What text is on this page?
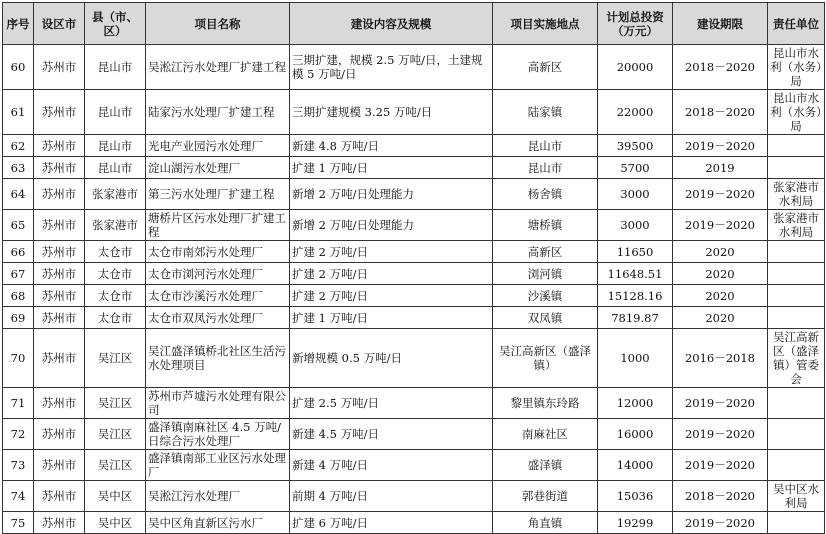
序号	设区市	县（市、区）	项目名称	建设内容及规模	项目实施地点	计划总投资（万元）	建设期限	责任单位
60	苏州市	昆山市	吴淞江污水处理厂扩建工程	三期扩建，规模 2.5 万吨/日，土建规模 5 万吨/日	高新区	20000	2018－2020	昆山市水利（水务）局
61	苏州市	昆山市	陆家污水处理厂扩建工程	三期扩建规模 3.25 万吨/日	陆家镇	22000	2018－2020	昆山市水利（水务）局
62	苏州市	昆山市	光电产业园污水处理厂	新建 4.8 万吨/日	昆山市	39500	2019－2020	
63	苏州市	昆山市	淀山湖污水处理厂	扩建 1 万吨/日	昆山市	5700	2019	
64	苏州市	张家港市	第三污水处理厂扩建工程	新增 2 万吨/日处理能力	杨舍镇	3000	2019－2020	张家港市水利局
65	苏州市	张家港市	塘桥片区污水处理厂扩建工程	新增 2 万吨/日处理能力	塘桥镇	3000	2019－2020	张家港市水利局
66	苏州市	太仓市	太仓市南郊污水处理厂	扩建 2 万吨/日	高新区	11650	2020	
67	苏州市	太仓市	太仓市浏河污水处理厂	扩建 2 万吨/日	浏河镇	11648.51	2020	
68	苏州市	太仓市	太仓市沙溪污水处理厂	扩建 2 万吨/日	沙溪镇	15128.16	2020	
69	苏州市	太仓市	太仓市双凤污水处理厂	扩建 1 万吨/日	双凤镇	7819.87	2020	
70	苏州市	吴江区	吴江盛泽镇桥北社区生活污水处理项目	新增规模 0.5 万吨/日	吴江高新区（盛泽镇）	1000	2016－2018	吴江高新区（盛泽镇）管委会
71	苏州市	吴江区	苏州市芦墟污水处理有限公司	扩建 2.5 万吨/日	黎里镇东玲路	12000	2019－2020	
72	苏州市	吴江区	盛泽镇南麻社区 4.5 万吨/日综合污水处理厂	新建 4.5 万吨/日	南麻社区	16000	2019－2020	
73	苏州市	吴江区	盛泽镇南部工业区污水处理厂	新建 4 万吨/日	盛泽镇	14000	2019－2020	
74	苏州市	吴中区	吴淞江污水处理厂	前期 4 万吨/日	郭巷街道	15036	2018－2020	吴中区水利局
75	苏州市	吴中区	吴中区角直新区污水厂	扩建 6 万吨/日	角直镇	19299	2019－2020	
